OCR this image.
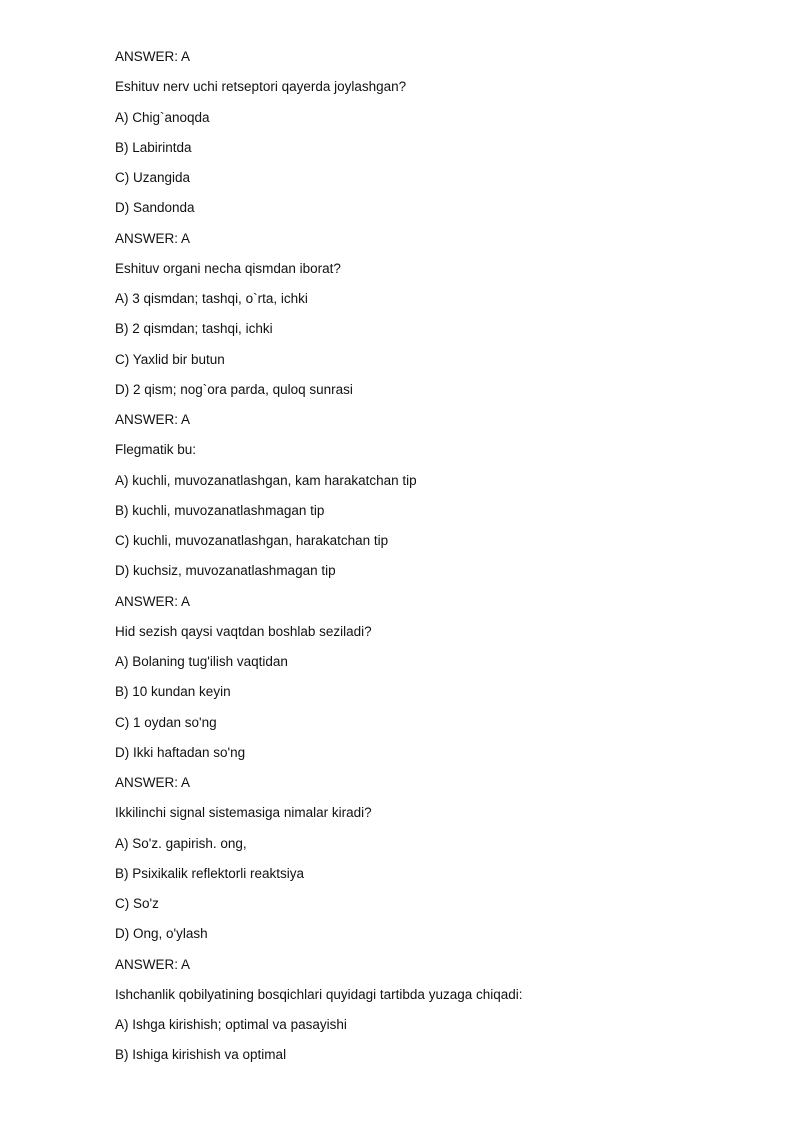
ANSWER: A
Eshituv nerv uchi retseptori qayerda joylashgan?
A) Chig`anoqda
B) Labirintda
C) Uzangida
D) Sandonda
ANSWER: A
Eshituv organi necha qismdan iborat?
A) 3 qismdan; tashqi, o`rta, ichki
B) 2 qismdan; tashqi, ichki
C) Yaxlid bir butun
D) 2 qism; nog`ora parda, quloq sunrasi
ANSWER: A
Flegmatik bu:
A) kuchli, muvozanatlashgan, kam harakatchan tip
B) kuchli, muvozanatlashmagan tip
C) kuchli, muvozanatlashgan, harakatchan tip
D) kuchsiz, muvozanatlashmagan tip
ANSWER: A
Hid sezish qaysi vaqtdan boshlab seziladi?
A) Bolaning tug'ilish vaqtidan
B) 10 kundan keyin
C) 1 oydan so'ng
D) Ikki haftadan so'ng
ANSWER: A
Ikkilinchi signal sistemasiga nimalar kiradi?
A) So'z. gapirish. ong,
B) Psixikalik reflektorli reaktsiya
C) So'z
D) Ong, o'ylash
ANSWER: A
Ishchanlik qobilyatining bosqichlari quyidagi tartibda yuzaga chiqadi:
A) Ishga kirishish; optimal va pasayishi
B) Ishiga kirishish va optimal
